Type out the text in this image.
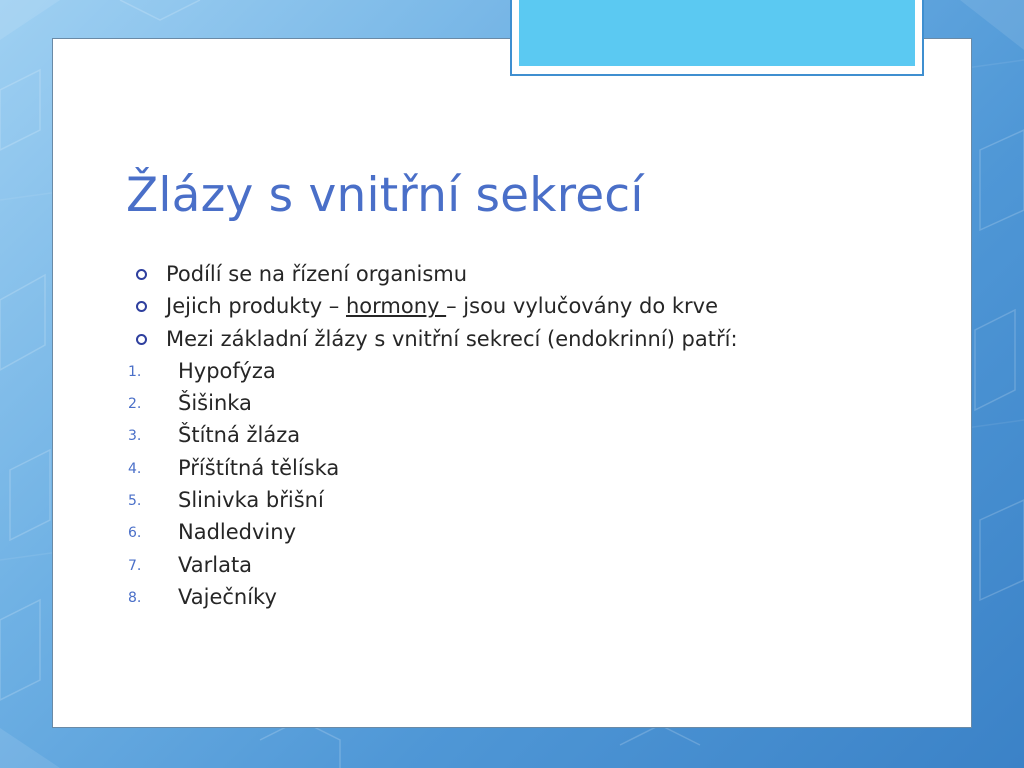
Žlázy s vnitřní sekrecí
Podílí se na řízení organismu
Jejich produkty – hormony – jsou vylučovány do krve
Mezi základní žlázy s vnitřní sekrecí (endokrinní) patří:
1. Hypofýza
2. Šišinka
3. Štítná žláza
4. Příštítná tělíska
5. Slinivka břišní
6. Nadledviny
7. Varlata
8. Vaječníky
